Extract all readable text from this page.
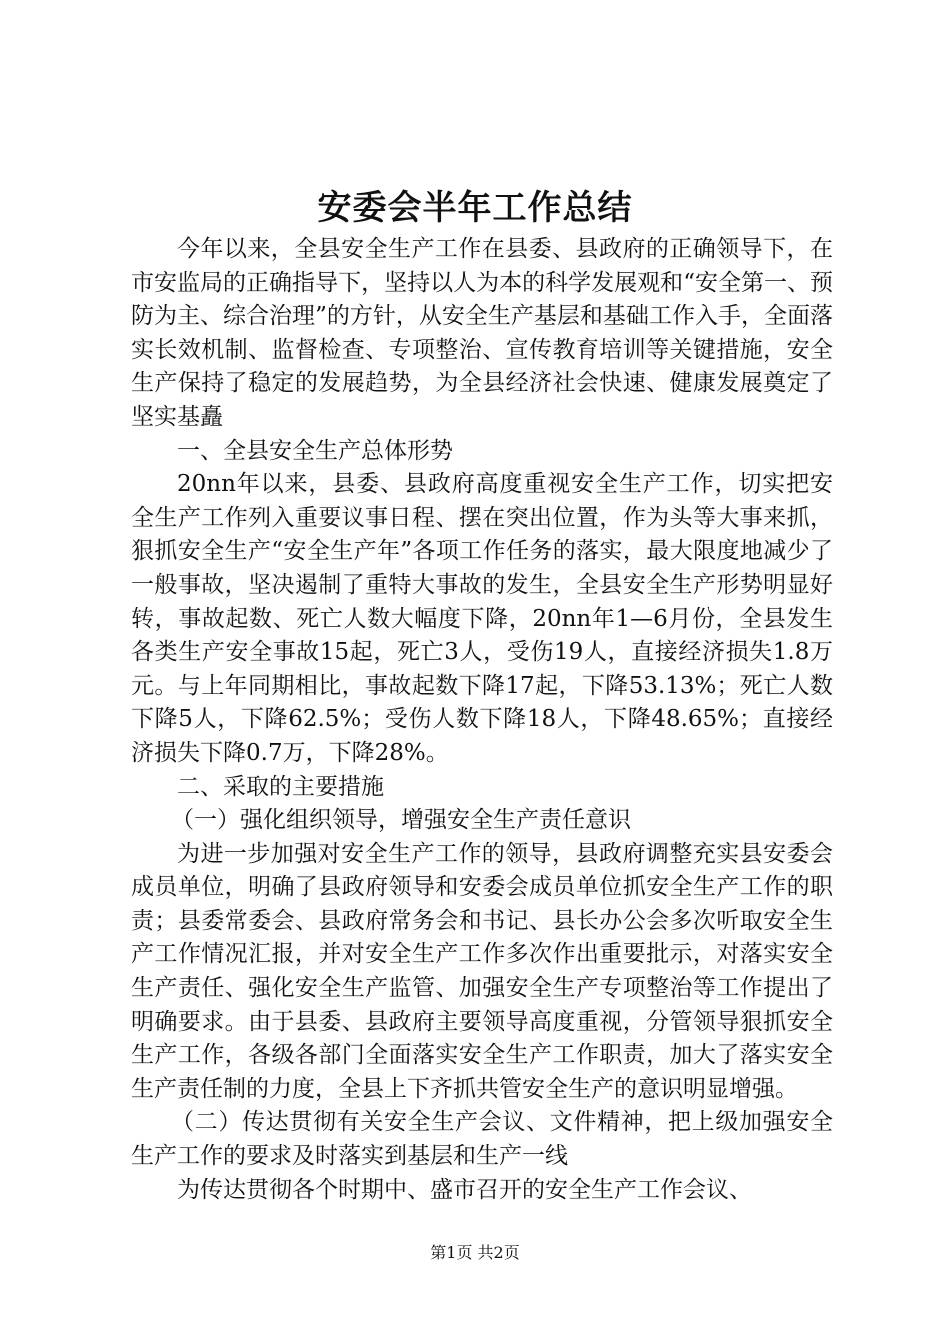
安委会半年工作总结

今年以来，全县安全生产工作在县委、县政府的正确领导下，在市安监局的正确指导下，坚持以人为本的科学发展观和“安全第一、预防为主、综合治理”的方针，从安全生产基层和基础工作入手，全面落实长效机制、监督检查、专项整治、宣传教育培训等关键措施，安全生产保持了稳定的发展趋势，为全县经济社会快速、健康发展奠定了坚实基矗

一、全县安全生产总体形势

20nn年以来，县委、县政府高度重视安全生产工作，切实把安全生产工作列入重要议事日程、摆在突出位置，作为头等大事来抓，狠抓安全生产“安全生产年”各项工作任务的落实，最大限度地减少了一般事故，坚决遏制了重特大事故的发生，全县安全生产形势明显好转，事故起数、死亡人数大幅度下降，20nn年1—6月份，全县发生各类生产安全事故15起，死亡3人，受伤19人，直接经济损失1.8万元。与上年同期相比，事故起数下降17起，下降53.13%；死亡人数下降5人，下降62.5%；受伤人数下降18人，下降48.65%；直接经济损失下降0.7万，下降28%。

二、采取的主要措施

（一）强化组织领导，增强安全生产责任意识

为进一步加强对安全生产工作的领导，县政府调整充实县安委会成员单位，明确了县政府领导和安委会成员单位抓安全生产工作的职责；县委常委会、县政府常务会和书记、县长办公会多次听取安全生产工作情况汇报，并对安全生产工作多次作出重要批示，对落实安全生产责任、强化安全生产监管、加强安全生产专项整治等工作提出了明确要求。由于县委、县政府主要领导高度重视，分管领导狠抓安全生产工作，各级各部门全面落实安全生产工作职责，加大了落实安全生产责任制的力度，全县上下齐抓共管安全生产的意识明显增强。

（二）传达贯彻有关安全生产会议、文件精神，把上级加强安全生产工作的要求及时落实到基层和生产一线

为传达贯彻各个时期中、盛市召开的安全生产工作会议、

第1页 共2页
